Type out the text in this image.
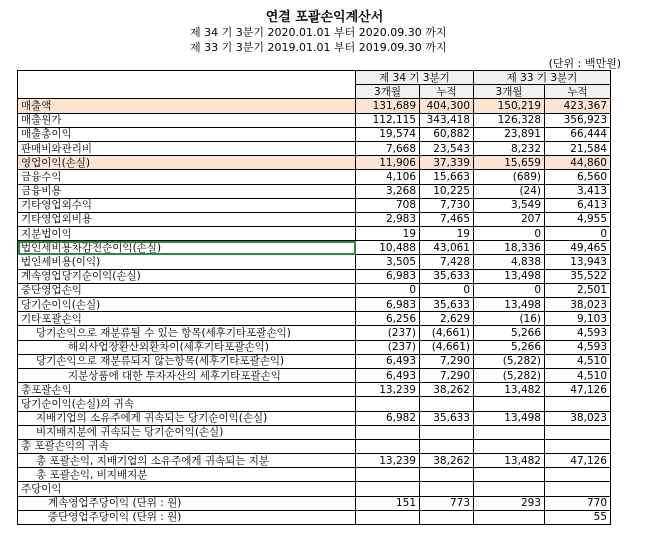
연결 포괄손익계산서
제 34 기 3분기 2020.01.01 부터 2020.09.30 까지
제 33 기 3분기 2019.01.01 부터 2019.09.30 까지
(단위 : 백만원)
	제 34 기 3분기		제 33 기 3분기	
	3개월	누적	3개월	누적
매출액	131,689	404,300	150,219	423,367
매출원가	112,115	343,418	126,328	356,923
매출총이익	19,574	60,882	23,891	66,444
판매비와관리비	7,668	23,543	8,232	21,584
영업이익(손실)	11,906	37,339	15,659	44,860
금융수익	4,106	15,663	(689)	6,560
금융비용	3,268	10,225	(24)	3,413
기타영업외수익	708	7,730	3,549	6,413
기타영업외비용	2,983	7,465	207	4,955
지분법이익	19	19	0	0
법인세비용차감전순이익(손실)	10,488	43,061	18,336	49,465
법인세비용(이익)	3,505	7,428	4,838	13,943
계속영업당기순이익(손실)	6,983	35,633	13,498	35,522
중단영업손익	0	0	0	2,501
당기순이익(손실)	6,983	35,633	13,498	38,023
기타포괄손익	6,256	2,629	(16)	9,103
당기손익으로 재분류될 수 있는 항목(세후기타포괄손익)	(237)	(4,661)	5,266	4,593
해외사업장환산외환차이(세후기타포괄손익)	(237)	(4,661)	5,266	4,593
당기손익으로 재분류되지 않는항목(세후기타포괄손익)	6,493	7,290	(5,282)	4,510
지분상품에 대한 투자자산의 세후기타포괄손익	6,493	7,290	(5,282)	4,510
총포괄손익	13,239	38,262	13,482	47,126
당기순이익(손실)의 귀속				
지배기업의 소유주에게 귀속되는 당기순이익(손실)	6,982	35,633	13,498	38,023
비지배지분에 귀속되는 당기순이익(손실)				
총 포괄손익의 귀속				
총 포괄손익, 지배기업의 소유주에게 귀속되는 지분	13,239	38,262	13,482	47,126
총 포괄손익, 비지배지분				
주당이익				
계속영업주당이익 (단위 : 원)	151	773	293	770
중단영업주당이익 (단위 : 원)				55
